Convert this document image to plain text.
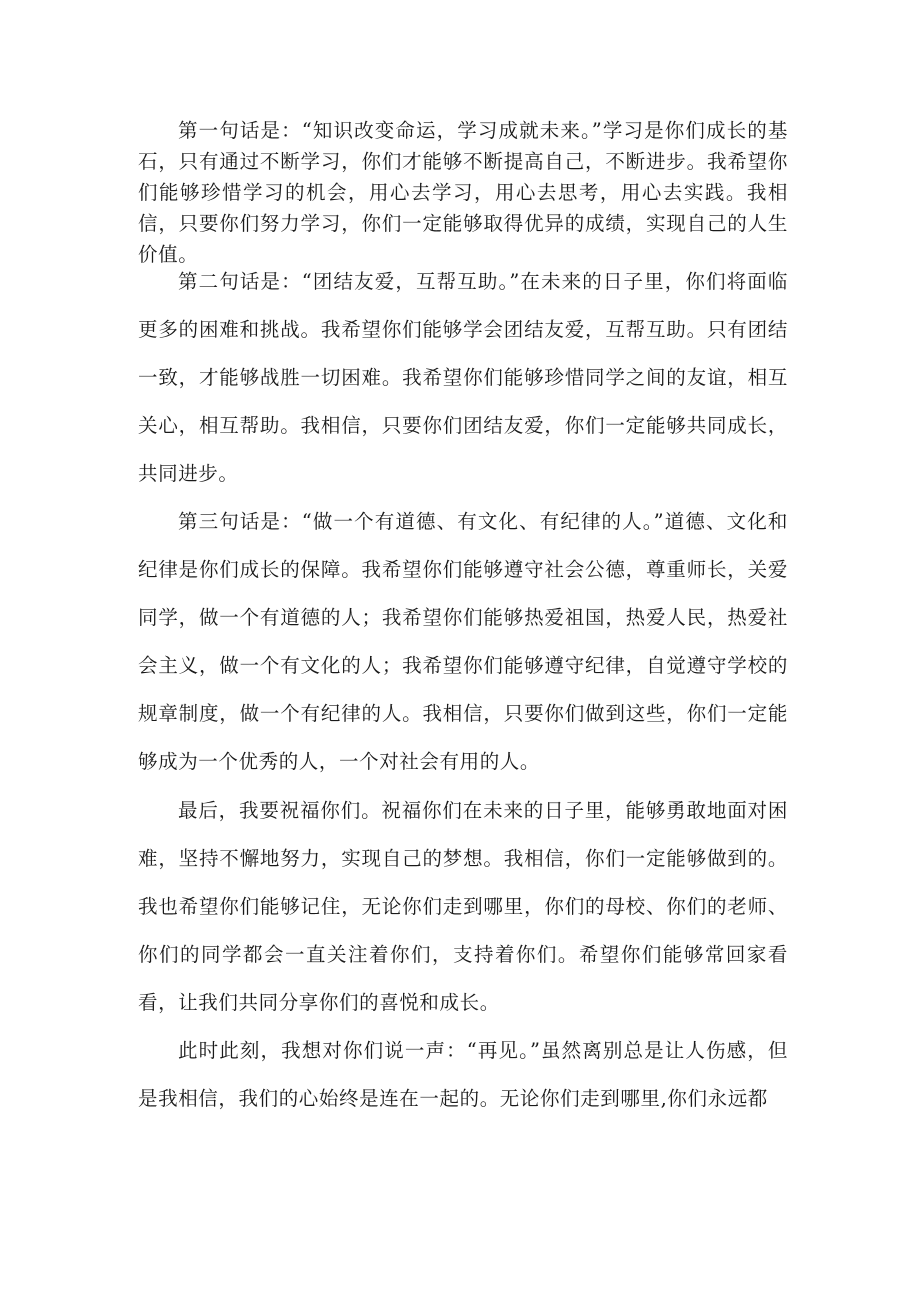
第一句话是：“知识改变命运，学习成就未来。”学习是你们成长的基石，只有通过不断学习，你们才能够不断提高自己，不断进步。我希望你们能够珍惜学习的机会，用心去学习，用心去思考，用心去实践。我相信，只要你们努力学习，你们一定能够取得优异的成绩，实现自己的人生价值。

第二句话是：“团结友爱，互帮互助。”在未来的日子里，你们将面临更多的困难和挑战。我希望你们能够学会团结友爱，互帮互助。只有团结一致，才能够战胜一切困难。我希望你们能够珍惜同学之间的友谊，相互关心，相互帮助。我相信，只要你们团结友爱，你们一定能够共同成长，共同进步。

第三句话是：“做一个有道德、有文化、有纪律的人。”道德、文化和纪律是你们成长的保障。我希望你们能够遵守社会公德，尊重师长，关爱同学，做一个有道德的人；我希望你们能够热爱祖国，热爱人民，热爱社会主义，做一个有文化的人；我希望你们能够遵守纪律，自觉遵守学校的规章制度，做一个有纪律的人。我相信，只要你们做到这些，你们一定能够成为一个优秀的人，一个对社会有用的人。

最后，我要祝福你们。祝福你们在未来的日子里，能够勇敢地面对困难，坚持不懈地努力，实现自己的梦想。我相信，你们一定能够做到的。我也希望你们能够记住，无论你们走到哪里，你们的母校、你们的老师、你们的同学都会一直关注着你们，支持着你们。希望你们能够常回家看看，让我们共同分享你们的喜悦和成长。

此时此刻，我想对你们说一声：“再见。”虽然离别总是让人伤感，但是我相信，我们的心始终是连在一起的。无论你们走到哪里,你们永远都
